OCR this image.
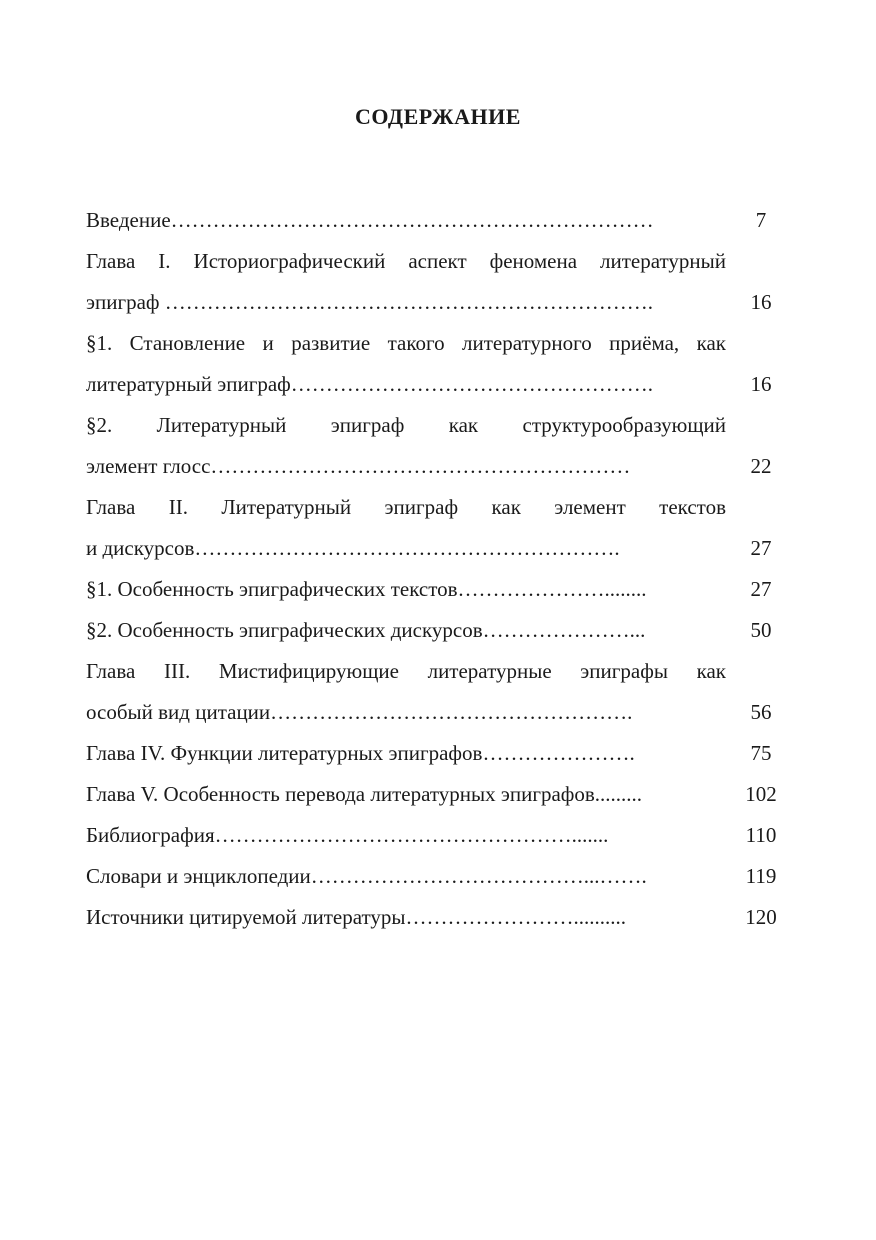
СОДЕРЖАНИЕ
Введение……………………………………………………………	7
Глава I. Историографический аспект феномена литературный
эпиграф …………………………………………………………….	16
§1. Становление и развитие такого литературного приёма, как
литературный эпиграф…………………………………………….	16
§2. Литературный эпиграф как структурообразующий
элемент глосс……………………………………………………	22
Глава II. Литературный эпиграф как элемент текстов
и дискурсов…………………………………………………….	27
§1. Особенность эпиграфических текстов…………………........	27
§2. Особенность эпиграфических дискурсов…………………...	50
Глава III. Мистифицирующие литературные эпиграфы как
особый вид цитации…………………………………………….	56
Глава IV. Функции литературных эпиграфов………………….	75
Глава V. Особенность перевода литературных эпиграфов.........	102
Библиография…………………………………………….......	110
Словари и энциклопедии…………………………………...…….	119
Источники цитируемой литературы……………………..........	120
